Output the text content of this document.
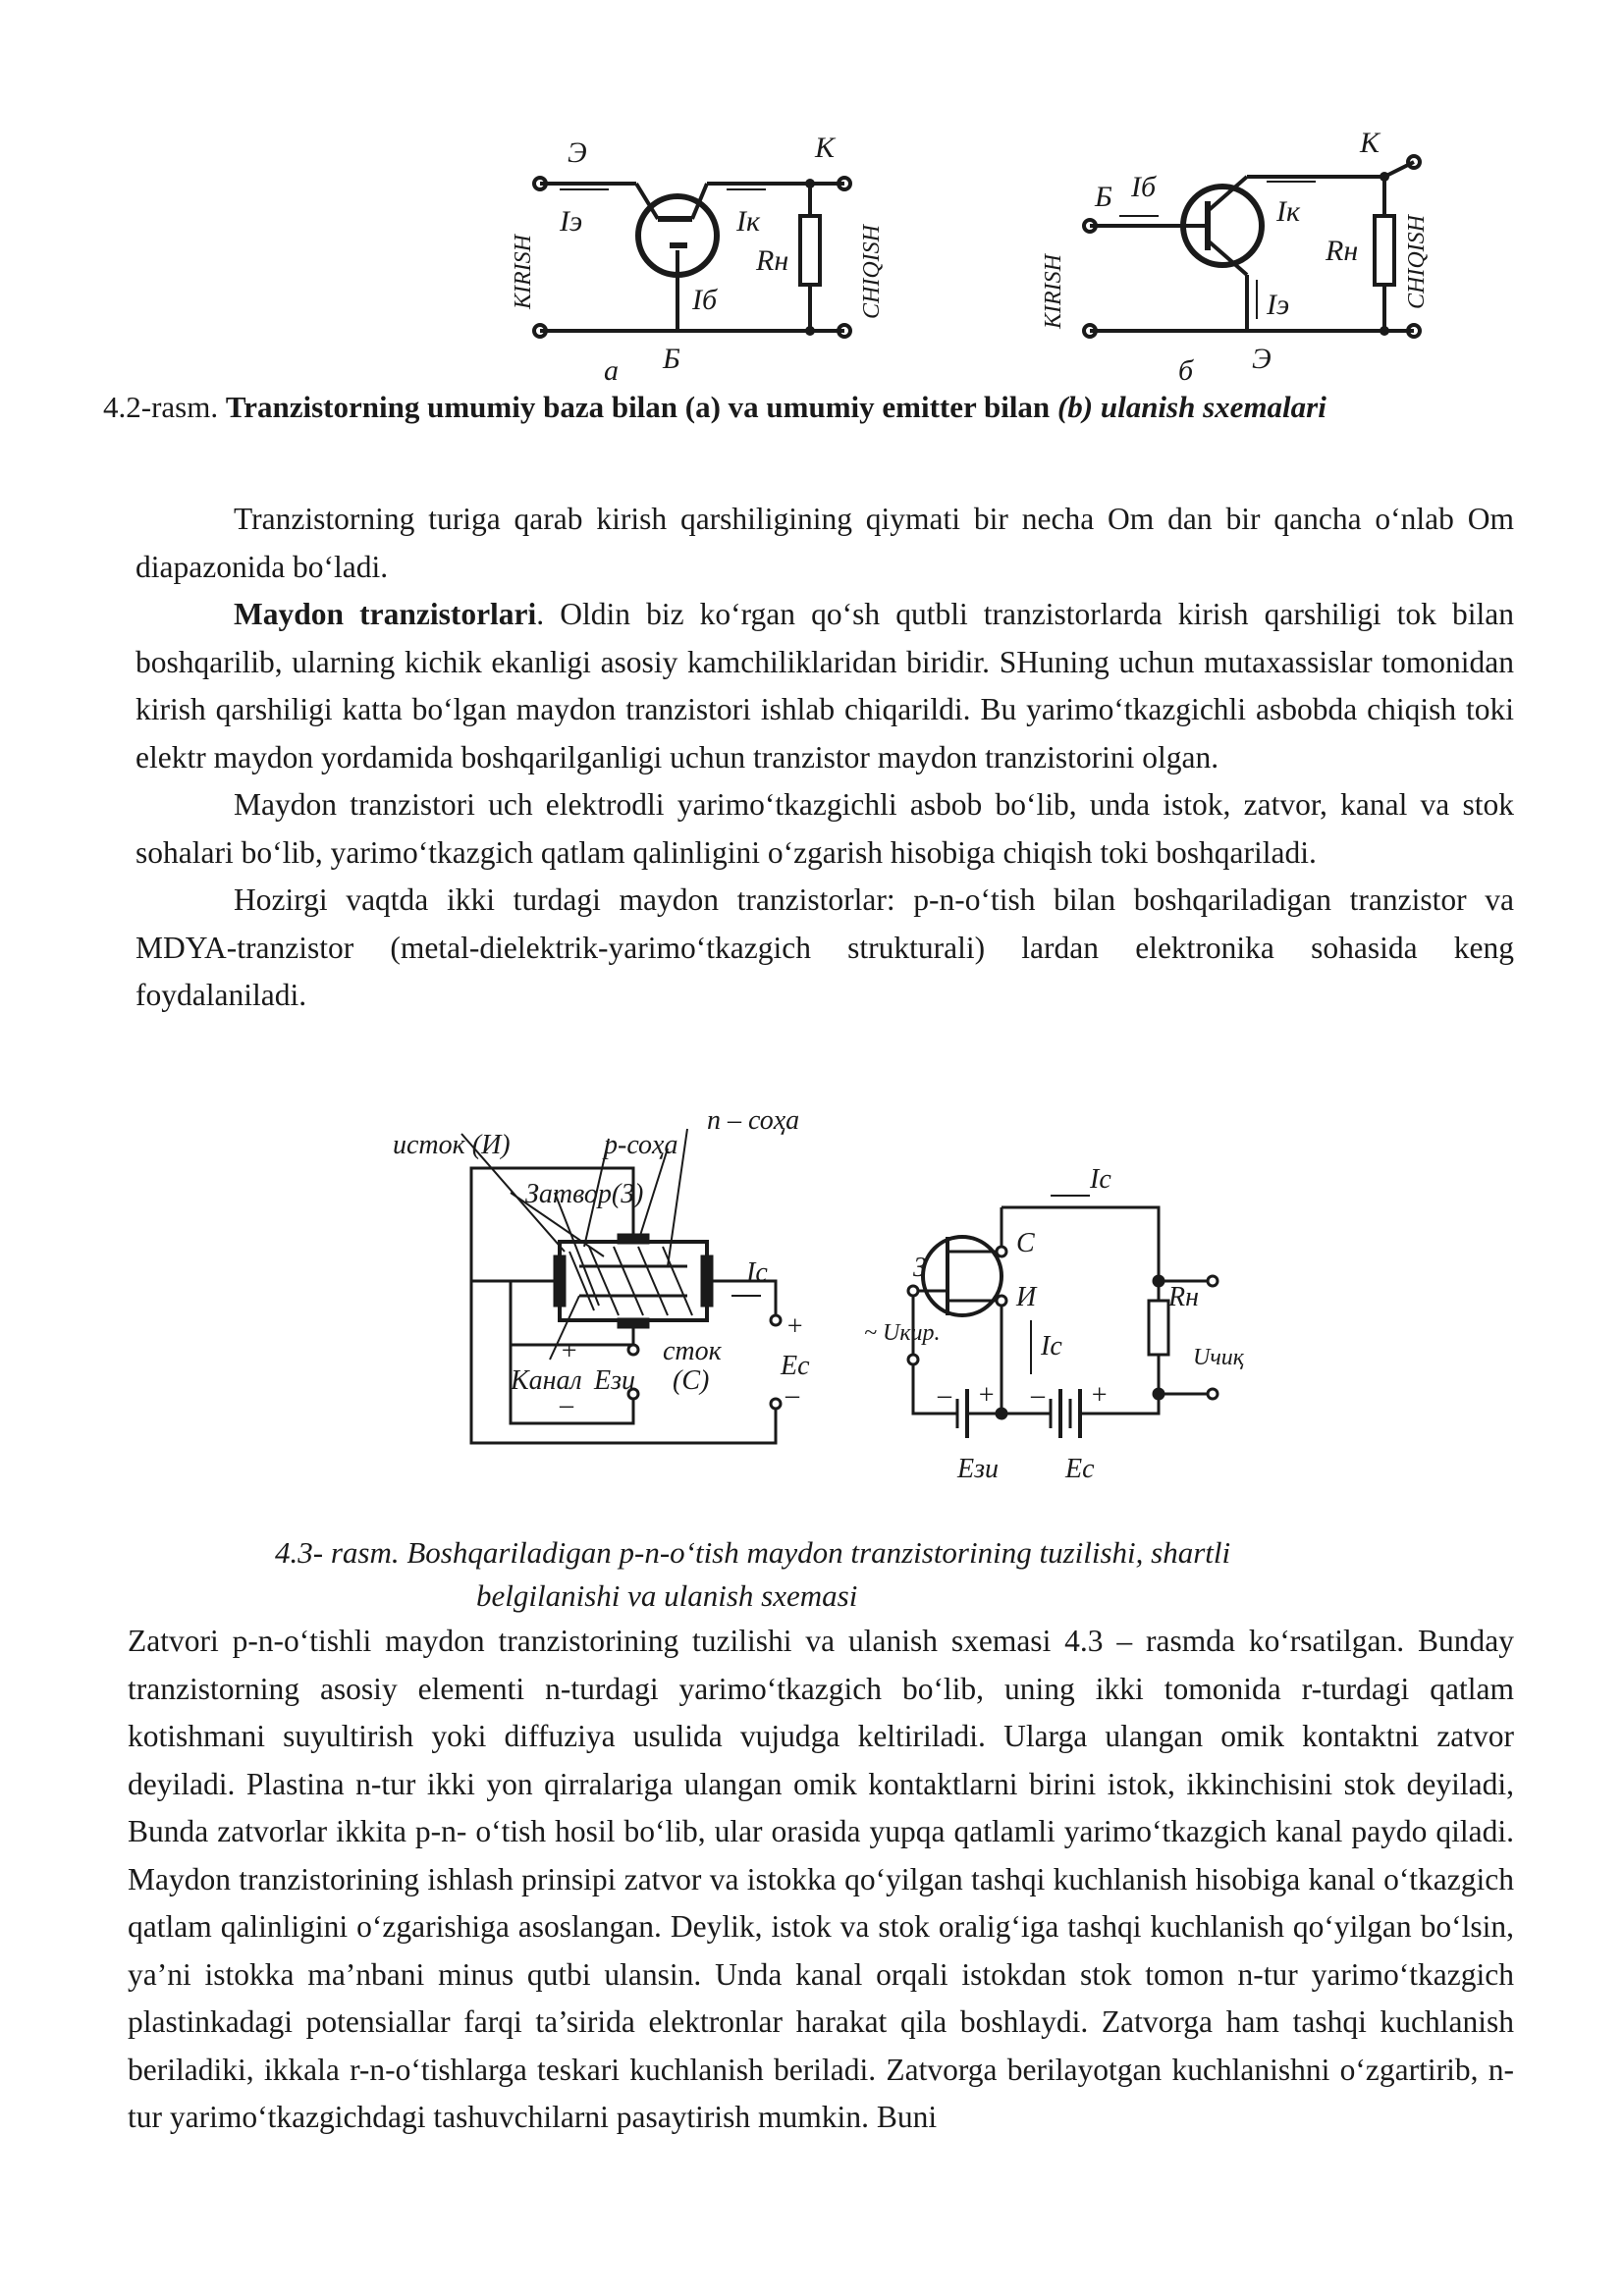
Э	К
Iэ	Iк
Rн
Iб
Б
а
KIRISH	CHIQISH
Б Iб
К
Iк
Rн
Iэ
Э
б
KIRISH	CHIQISH
4.2-rasm. Tranzistorning umumiy baza bilan (a) va umumiy emitter bilan (b) ulanish sxemalari

Tranzistorning turiga qarab kirish qarshiligining qiymati bir necha Om dan bir qancha o‘nlab Om diapazonida bo‘ladi.

Maydon tranzistorlari. Oldin biz ko‘rgan qo‘sh qutbli tranzistorlarda kirish qarshiligi tok bilan boshqarilib, ularning kichik ekanligi asosiy kamchiliklaridan biridir. SHuning uchun mutaxassislar tomonidan kirish qarshiligi katta bo‘lgan maydon tranzistori ishlab chiqarildi. Bu yarimo‘tkazgichli asbobda chiqish toki elektr maydon yordamida boshqarilganligi uchun tranzistor maydon tranzistorini olgan.

Maydon tranzistori uch elektrodli yarimo‘tkazgichli asbob bo‘lib, unda istok, zatvor, kanal va stok sohalari bo‘lib, yarimo‘tkazgich qatlam qalinligini o‘zgarish hisobiga chiqish toki boshqariladi.

Hozirgi vaqtda ikki turdagi maydon tranzistorlar: p-n-o‘tish bilan boshqariladigan tranzistor va MDYA-tranzistor (metal-dielektrik-yarimo‘tkazgich strukturali) lardan elektronika sohasida keng foydalaniladi.

n – соҳа
исток (И)	p-соҳа
Затвор(З)
Iс
+
+	сток
(С)
Канал Eзи	Eс
–	–
Iс
С
З
И
Iс
Rн
Uчиқ
~ Uкир.
– + – +
Eзи Eс
4.3- rasm. Boshqariladigan p-n-o‘tish maydon tranzistorining tuzilishi, shartli
belgilanishi va ulanish sxemasi

Zatvori p-n-o‘tishli maydon tranzistorining tuzilishi va ulanish sxemasi 4.3 – rasmda ko‘rsatilgan. Bunday tranzistorning asosiy elementi n-turdagi yarimo‘tkazgich bo‘lib, uning ikki tomonida r-turdagi qatlam kotishmani suyultirish yoki diffuziya usulida vujudga keltiriladi. Ularga ulangan omik kontaktni zatvor deyiladi. Plastina n-tur ikki yon qirralariga ulangan omik kontaktlarni birini istok, ikkinchisini stok deyiladi, Bunda zatvorlar ikkita p-n- o‘tish hosil bo‘lib, ular orasida yupqa qatlamli yarimo‘tkazgich kanal paydo qiladi. Maydon tranzistorining ishlash prinsipi zatvor va istokka qo‘yilgan tashqi kuchlanish hisobiga kanal o‘tkazgich qatlam qalinligini o‘zgarishiga asoslangan. Deylik, istok va stok oralig‘iga tashqi kuchlanish qo‘yilgan bo‘lsin, ya’ni istokka ma’nbani minus qutbi ulansin. Unda kanal orqali istokdan stok tomon n-tur yarimo‘tkazgich plastinkadagi potensiallar farqi ta’sirida elektronlar harakat qila boshlaydi. Zatvorga ham tashqi kuchlanish beriladiki, ikkala r-n-o‘tishlarga teskari kuchlanish beriladi. Zatvorga berilayotgan kuchlanishni o‘zgartirib, n-tur yarimo‘tkazgichdagi tashuvchilarni pasaytirish mumkin. Buni
